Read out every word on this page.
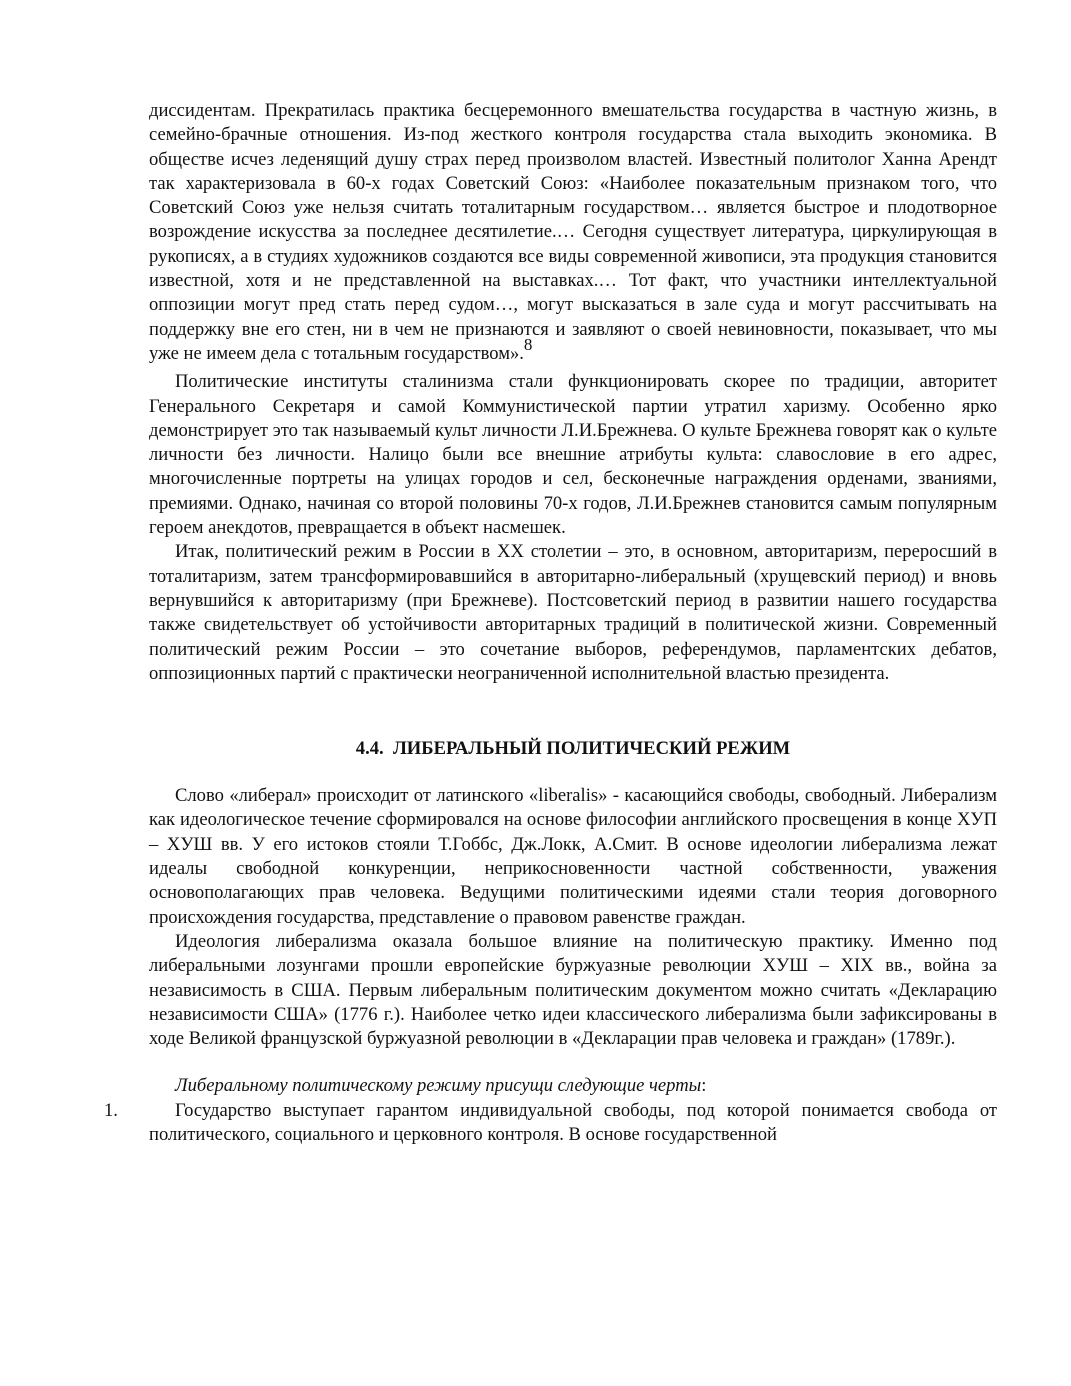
диссидентам. Прекратилась практика бесцеремонного вмешательства государства в частную жизнь, в семейно-брачные отношения. Из-под жесткого контроля государства стала выходить экономика. В обществе исчез леденящий душу страх перед произволом властей. Известный политолог Ханна Арендт так характеризовала в 60-х годах Советский Союз: «Наиболее показательным признаком того, что Советский Союз уже нельзя считать тоталитарным государством… является быстрое и плодотворное возрождение искусства за последнее десятилетие.… Сегодня существует литература, циркулирующая в рукописях, а в студиях художников создаются все виды современной живописи, эта продукция становится известной, хотя и не представленной на выставках.… Тот факт, что участники интеллектуальной оппозиции могут пред стать перед судом…, могут высказаться в зале суда и могут рассчитывать на поддержку вне его стен, ни в чем не признаются и заявляют о своей невиновности, показывает, что мы уже не имеем дела с тотальным государством».$^8$

Политические институты сталинизма стали функционировать скорее по традиции, авторитет Генерального Секретаря и самой Коммунистической партии утратил харизму. Особенно ярко демонстрирует это так называемый культ личности Л.И.Брежнева. О культе Брежнева говорят как о культе личности без личности. Налицо были все внешние атрибуты культа: славословие в его адрес, многочисленные портреты на улицах городов и сел, бесконечные награждения орденами, званиями, премиями. Однако, начиная со второй половины 70-х годов, Л.И.Брежнев становится самым популярным героем анекдотов, превращается в объект насмешек.

Итак, политический режим в России в XX столетии – это, в основном, авторитаризм, переросший в тоталитаризм, затем трансформировавшийся в авторитарно-либеральный (хрущевский период) и вновь вернувшийся к авторитаризму (при Брежневе). Постсоветский период в развитии нашего государства также свидетельствует об устойчивости авторитарных традиций в политической жизни. Современный политический режим России – это сочетание выборов, референдумов, парламентских дебатов, оппозиционных партий с практически неограниченной исполнительной властью президента.

4.4.  ЛИБЕРАЛЬНЫЙ ПОЛИТИЧЕСКИЙ РЕЖИМ

Слово «либерал» происходит от латинского «liberalis» - касающийся свободы, свободный. Либерализм как идеологическое течение сформировался на основе философии английского просвещения в конце ХУП – ХУШ вв. У его истоков стояли Т.Гоббс, Дж.Локк, А.Смит. В основе идеологии либерализма лежат идеалы свободной конкуренции, неприкосновенности частной собственности, уважения основополагающих прав человека. Ведущими политическими идеями стали теория договорного происхождения государства, представление о правовом равенстве граждан.

Идеология либерализма оказала большое влияние на политическую практику. Именно под либеральными лозунгами прошли европейские буржуазные революции ХУШ – XIX вв., война за независимость в США. Первым либеральным политическим документом можно считать «Декларацию независимости США» (1776 г.). Наиболее четко идеи классического либерализма были зафиксированы в ходе Великой французской буржуазной революции в «Декларации прав человека и граждан» (1789г.).

Либеральному политическому режиму присущи следующие черты:

1.	Государство выступает гарантом индивидуальной свободы, под которой понимается свобода от политического, социального и церковного контроля. В основе государственной
